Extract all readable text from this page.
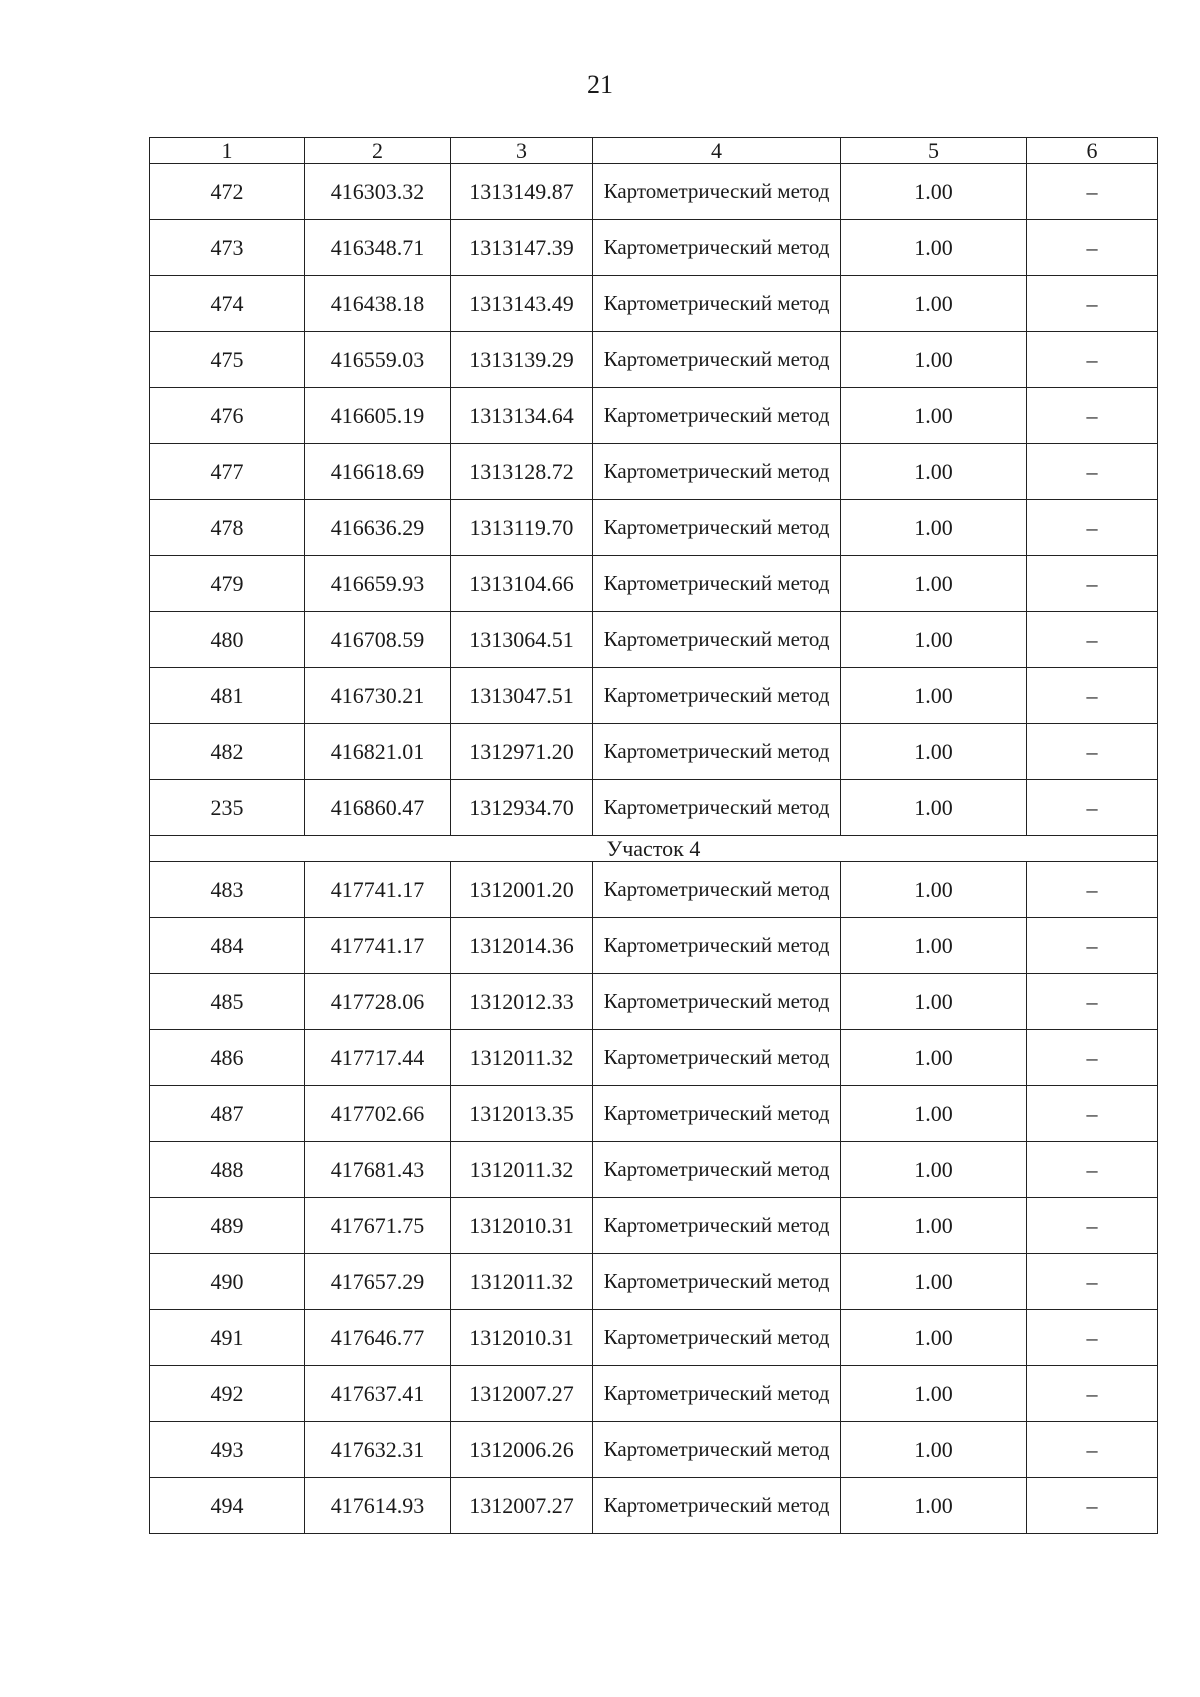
21
1	2	3	4	5	6
472	416303.32	1313149.87	Картометрический метод	1.00	–
473	416348.71	1313147.39	Картометрический метод	1.00	–
474	416438.18	1313143.49	Картометрический метод	1.00	–
475	416559.03	1313139.29	Картометрический метод	1.00	–
476	416605.19	1313134.64	Картометрический метод	1.00	–
477	416618.69	1313128.72	Картометрический метод	1.00	–
478	416636.29	1313119.70	Картометрический метод	1.00	–
479	416659.93	1313104.66	Картометрический метод	1.00	–
480	416708.59	1313064.51	Картометрический метод	1.00	–
481	416730.21	1313047.51	Картометрический метод	1.00	–
482	416821.01	1312971.20	Картометрический метод	1.00	–
235	416860.47	1312934.70	Картометрический метод	1.00	–
Участок 4					
483	417741.17	1312001.20	Картометрический метод	1.00	–
484	417741.17	1312014.36	Картометрический метод	1.00	–
485	417728.06	1312012.33	Картометрический метод	1.00	–
486	417717.44	1312011.32	Картометрический метод	1.00	–
487	417702.66	1312013.35	Картометрический метод	1.00	–
488	417681.43	1312011.32	Картометрический метод	1.00	–
489	417671.75	1312010.31	Картометрический метод	1.00	–
490	417657.29	1312011.32	Картометрический метод	1.00	–
491	417646.77	1312010.31	Картометрический метод	1.00	–
492	417637.41	1312007.27	Картометрический метод	1.00	–
493	417632.31	1312006.26	Картометрический метод	1.00	–
494	417614.93	1312007.27	Картометрический метод	1.00	–
